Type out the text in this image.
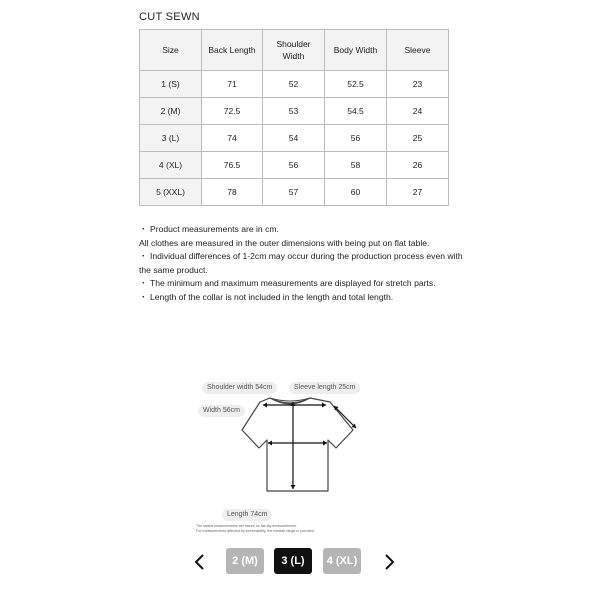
CUT SEWN
Size	Back Length	Shoulder Width	Body Width	Sleeve
1 (S)	71	52	52.5	23
2 (M)	72.5	53	54.5	24
3 (L)	74	54	56	25
4 (XL)	76.5	56	58	26
5 (XXL)	78	57	60	27

・ Product measurements are in cm.

All clothes are measured in the outer dimensions with being put on flat table.

・ Individual differences of 1-2cm may occur during the production process even with the same product.

・ The minimum and maximum measurements are displayed for stretch parts.

・ Length of the collar is not included in the length and total length.

Shoulder width 54cm	Sleeve length 25cm
Width 56cm
Length 74cm
The stated measurements are based on flat-lay measurements.
For measurements affected by stretchability, the median range is provided.
2 (M)	3 (L)	4 (XL)
